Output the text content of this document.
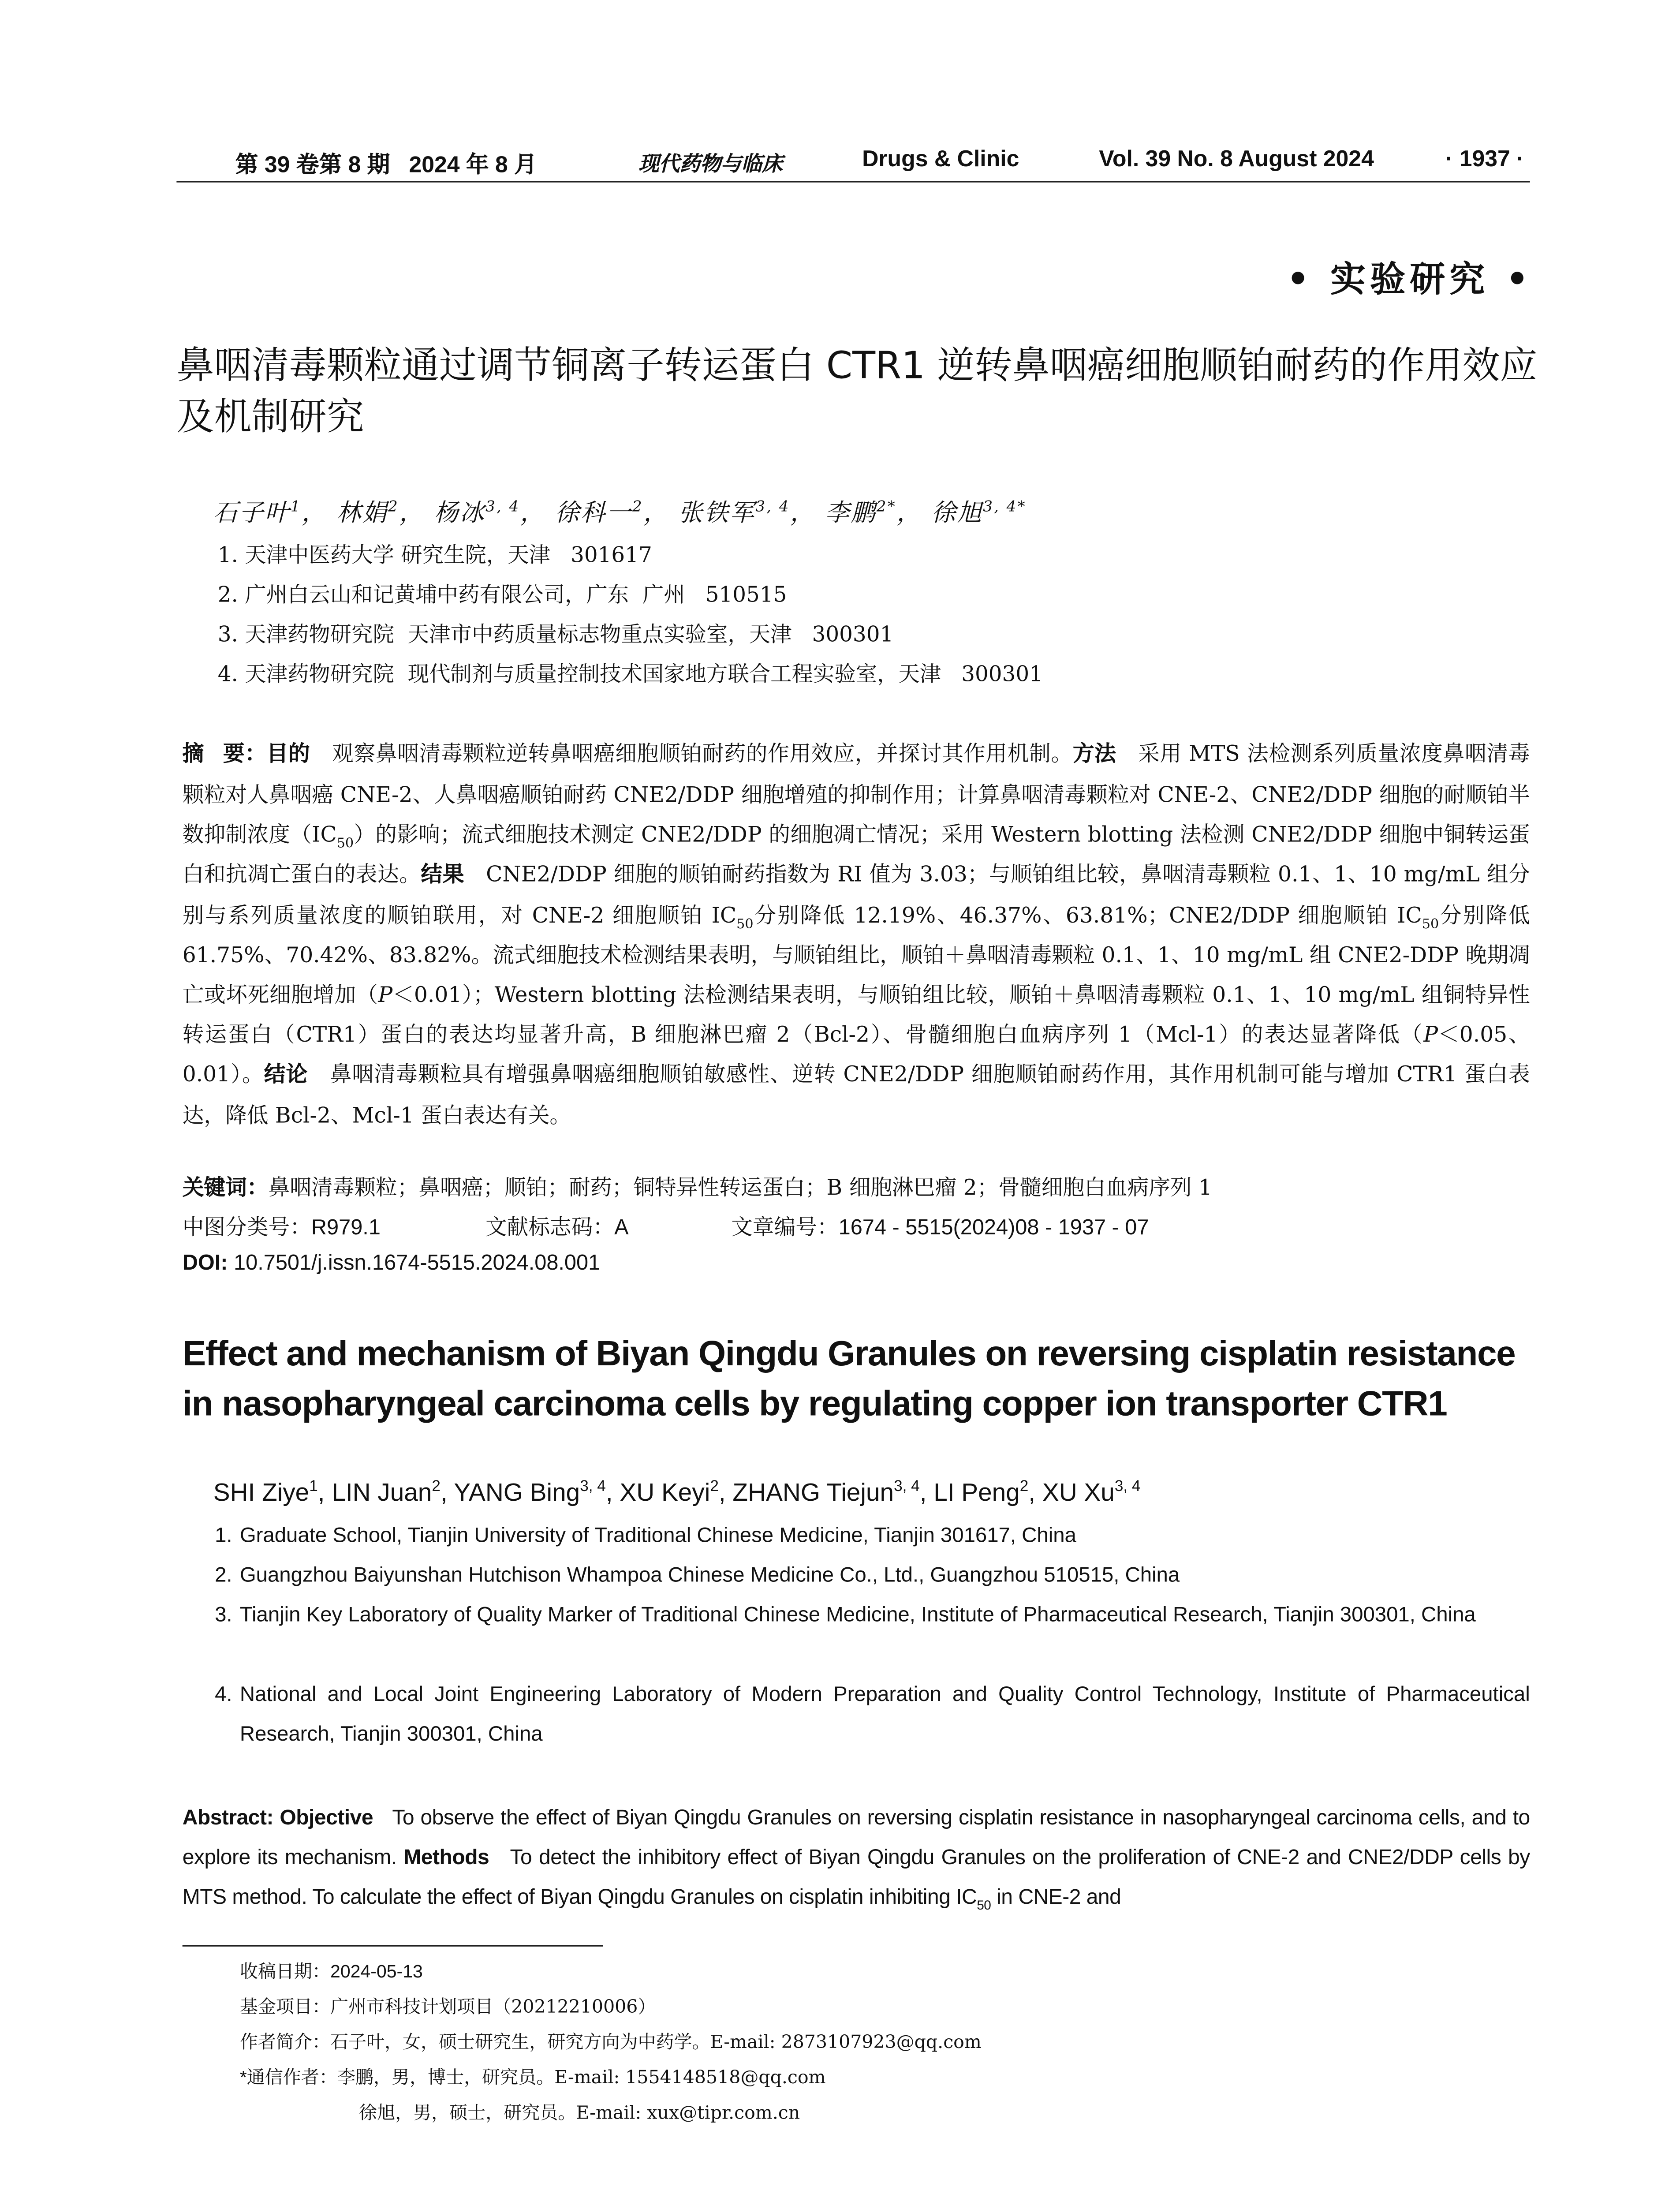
第 39 卷第 8 期   2024 年 8 月	现代药物与临床	Drugs & Clinic	Vol. 39 No. 8 August 2024	· 1937 ·
• 实验研究 •
鼻咽清毒颗粒通过调节铜离子转运蛋白 CTR1 逆转鼻咽癌细胞顺铂耐药的作用效应及机制研究
石子叶$^1$， 林娟$^2$， 杨冰$^{3, 4}$， 徐科一$^2$， 张铁军$^{3, 4}$， 李鹏$^{2*}$， 徐旭$^{3, 4*}$
1. 天津中医药大学 研究生院，天津   301617
2. 广州白云山和记黄埔中药有限公司，广东  广州   510515
3. 天津药物研究院  天津市中药质量标志物重点实验室，天津   300301
4. 天津药物研究院  现代制剂与质量控制技术国家地方联合工程实验室，天津   300301
摘   要：目的　	观察鼻咽清毒颗粒逆转鼻咽癌细胞顺铂耐药的作用效应，并探讨其作用机制。方法　	采用 MTS 法检测系列质量浓度鼻咽清毒颗粒对人鼻咽癌 CNE-2、人鼻咽癌顺铂耐药 CNE2/DDP 细胞增殖的抑制作用；计算鼻咽清毒颗粒对 CNE-2、CNE2/DDP 细胞的耐顺铂半数抑制浓度$(IC_{50})$的影响；流式细胞技术测定 CNE2/DDP 的细胞凋亡情况；采用 Western blotting 法检测 CNE2/DDP 细胞中铜转运蛋白和抗凋亡蛋白的表达。结果　	CNE2/DDP 细胞的顺铂耐药指数为 RI 值为 3.03；与顺铂组比较，鼻咽清毒颗粒 0.1、1、10 mg/mL 组分别与系列质量浓度的顺铂联用，对 CNE-2 细胞顺铂 $IC_{50}$分别降低 12.19%、46.37%、63.81%；CNE2/DDP 细胞顺铂 $IC_{50}$分别降低 61.75%、70.42%、83.82%。流式细胞技术检测结果表明，与顺铂组比，顺铂＋鼻咽清毒颗粒 0.1、1、10 mg/mL 组 CNE2-DDP 晚期凋亡或坏死细胞增加（P＜0.01）；Western blotting 法检测结果表明，与顺铂组比较，顺铂＋鼻咽清毒颗粒 0.1、1、10 mg/mL 组铜特异性转运蛋白（CTR1）蛋白的表达均显著升高，B 细胞淋巴瘤 2（Bcl-2）、骨髓细胞白血病序列 1（Mcl-1）的表达显著降低（P＜0.05、0.01）。结论　	鼻咽清毒颗粒具有增强鼻咽癌细胞顺铂敏感性、逆转 CNE2/DDP 细胞顺铂耐药作用，其作用机制可能与增加 CTR1 蛋白表达，降低 Bcl-2、Mcl-1 蛋白表达有关。
关键词：鼻咽清毒颗粒；鼻咽癌；顺铂；耐药；铜特异性转运蛋白；B 细胞淋巴瘤 2；骨髓细胞白血病序列 1
中图分类号：R979.1	文献标志码：A	文章编号：1674 - 5515(2024)08 - 1937 - 07
DOI: 10.7501/j.issn.1674-5515.2024.08.001
Effect and mechanism of Biyan Qingdu Granules on reversing cisplatin resistance in nasopharyngeal carcinoma cells by regulating copper ion transporter CTR1
SHI Ziye$^1$, LIN Juan$^2$, YANG Bing$^{3, 4}$, XU Keyi$^2$, ZHANG Tiejun$^{3, 4}$, LI Peng$^2$, XU Xu$^{3, 4}$
1.	Graduate School, Tianjin University of Traditional Chinese Medicine, Tianjin 301617, China
2.	Guangzhou Baiyunshan Hutchison Whampoa Chinese Medicine Co., Ltd., Guangzhou 510515, China
3.	Tianjin Key Laboratory of Quality Marker of Traditional Chinese Medicine, Institute of Pharmaceutical Research, Tianjin 300301, China
4.	National and Local Joint Engineering Laboratory of Modern Preparation and Quality Control Technology, Institute of Pharmaceutical Research, Tianjin 300301, China
Abstract: Objective	To observe the effect of Biyan Qingdu Granules on reversing cisplatin resistance in nasopharyngeal carcinoma cells, and to explore its mechanism. Methods	To detect the inhibitory effect of Biyan Qingdu Granules on the proliferation of CNE-2 and CNE2/DDP cells by MTS method. To calculate the effect of Biyan Qingdu Granules on cisplatin inhibiting $IC_{50}$ in CNE-2 and
收稿日期：2024-05-13
基金项目：广州市科技计划项目（20212210006）
作者简介：石子叶，女，硕士研究生，研究方向为中药学。E-mail: 2873107923@qq.com
*通信作者：李鹏，男，博士，研究员。E-mail: 1554148518@qq.com
徐旭，男，硕士，研究员。E-mail: xux@tipr.com.cn
